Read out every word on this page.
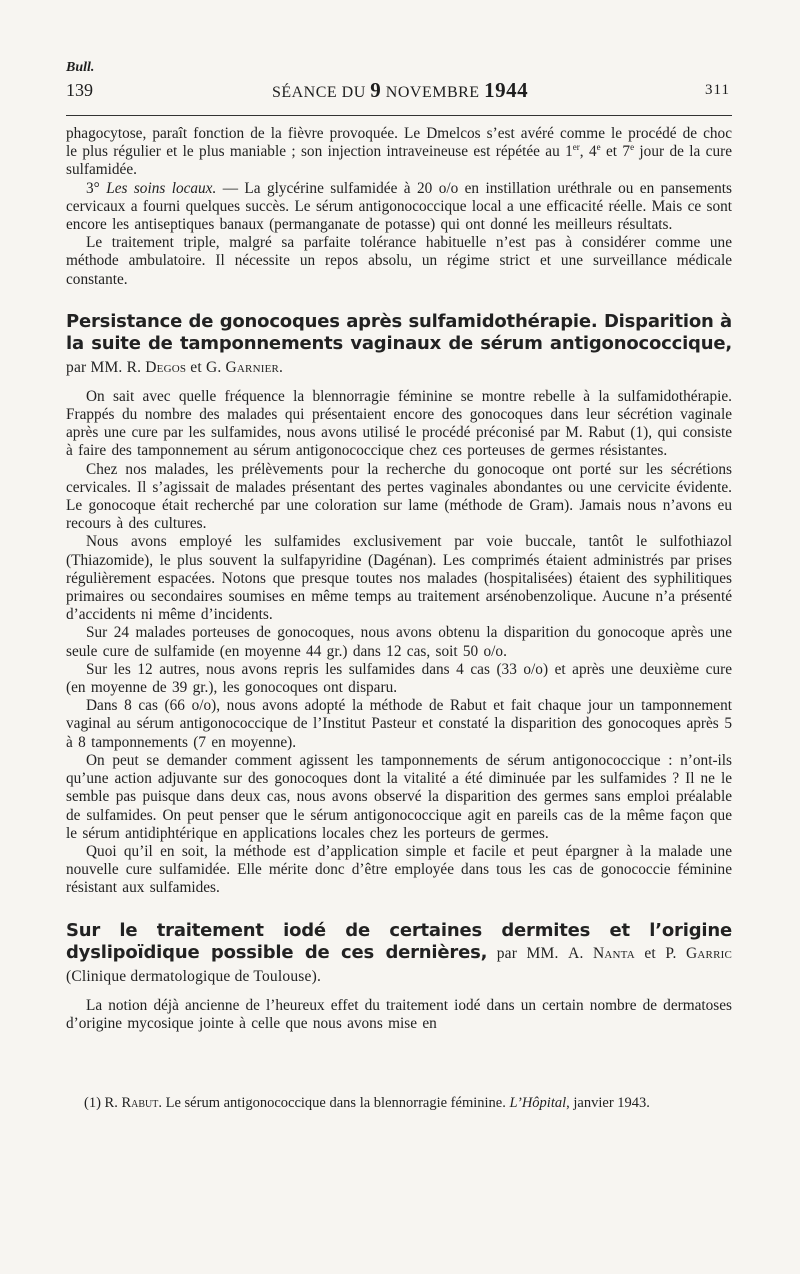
Bull.
139	SÉANCE DU 9 NOVEMBRE 1944	311

phagocytose, paraît fonction de la fièvre provoquée. Le Dmelcos s’est avéré comme le procédé de choc le plus régulier et le plus maniable ; son injection intraveineuse est répétée au 1er, 4e et 7e jour de la cure sulfamidée.

3° Les soins locaux. — La glycérine sulfamidée à 20 o/o en instillation uréthrale ou en pansements cervicaux a fourni quelques succès. Le sérum antigonococcique local a une efficacité réelle. Mais ce sont encore les antiseptiques banaux (permanganate de potasse) qui ont donné les meilleurs résultats.

Le traitement triple, malgré sa parfaite tolérance habituelle n’est pas à considérer comme une méthode ambulatoire. Il nécessite un repos absolu, un régime strict et une surveillance médicale constante.

Persistance de gonocoques après sulfamidothérapie. Disparition à la suite de tamponnements vaginaux de sérum antigonococcique, par MM. R. Degos et G. Garnier.

On sait avec quelle fréquence la blennorragie féminine se montre rebelle à la sulfamidothérapie. Frappés du nombre des malades qui présentaient encore des gonocoques dans leur sécrétion vaginale après une cure par les sulfamides, nous avons utilisé le procédé préconisé par M. Rabut (1), qui consiste à faire des tamponnement au sérum antigonococcique chez ces porteuses de germes résistantes.

Chez nos malades, les prélèvements pour la recherche du gonocoque ont porté sur les sécrétions cervicales. Il s’agissait de malades présentant des pertes vaginales abondantes ou une cervicite évidente. Le gonocoque était recherché par une coloration sur lame (méthode de Gram). Jamais nous n’avons eu recours à des cultures.

Nous avons employé les sulfamides exclusivement par voie buccale, tantôt le sulfothiazol (Thiazomide), le plus souvent la sulfapyridine (Dagénan). Les comprimés étaient administrés par prises régulièrement espacées. Notons que presque toutes nos malades (hospitalisées) étaient des syphilitiques primaires ou secondaires soumises en même temps au traitement arsénobenzolique. Aucune n’a présenté d’accidents ni même d’incidents.

Sur 24 malades porteuses de gonocoques, nous avons obtenu la disparition du gonocoque après une seule cure de sulfamide (en moyenne 44 gr.) dans 12 cas, soit 50 o/o.

Sur les 12 autres, nous avons repris les sulfamides dans 4 cas (33 o/o) et après une deuxième cure (en moyenne de 39 gr.), les gonocoques ont disparu.

Dans 8 cas (66 o/o), nous avons adopté la méthode de Rabut et fait chaque jour un tamponnement vaginal au sérum antigonococcique de l’Institut Pasteur et constaté la disparition des gonocoques après 5 à 8 tamponnements (7 en moyenne).

On peut se demander comment agissent les tamponnements de sérum antigonococcique : n’ont-ils qu’une action adjuvante sur des gonocoques dont la vitalité a été diminuée par les sulfamides ? Il ne le semble pas puisque dans deux cas, nous avons observé la disparition des germes sans emploi préalable de sulfamides. On peut penser que le sérum antigonococcique agit en pareils cas de la même façon que le sérum antidiphtérique en applications locales chez les porteurs de germes.

Quoi qu’il en soit, la méthode est d’application simple et facile et peut épargner à la malade une nouvelle cure sulfamidée. Elle mérite donc d’être employée dans tous les cas de gonococcie féminine résistant aux sulfamides.

Sur le traitement iodé de certaines dermites et l’origine dyslipoïdique possible de ces dernières, par MM. A. Nanta et P. Garric (Clinique dermatologique de Toulouse).

La notion déjà ancienne de l’heureux effet du traitement iodé dans un certain nombre de dermatoses d’origine mycosique jointe à celle que nous avons mise en

(1) R. Rabut. Le sérum antigonococcique dans la blennorragie féminine. L’Hôpital, janvier 1943.
